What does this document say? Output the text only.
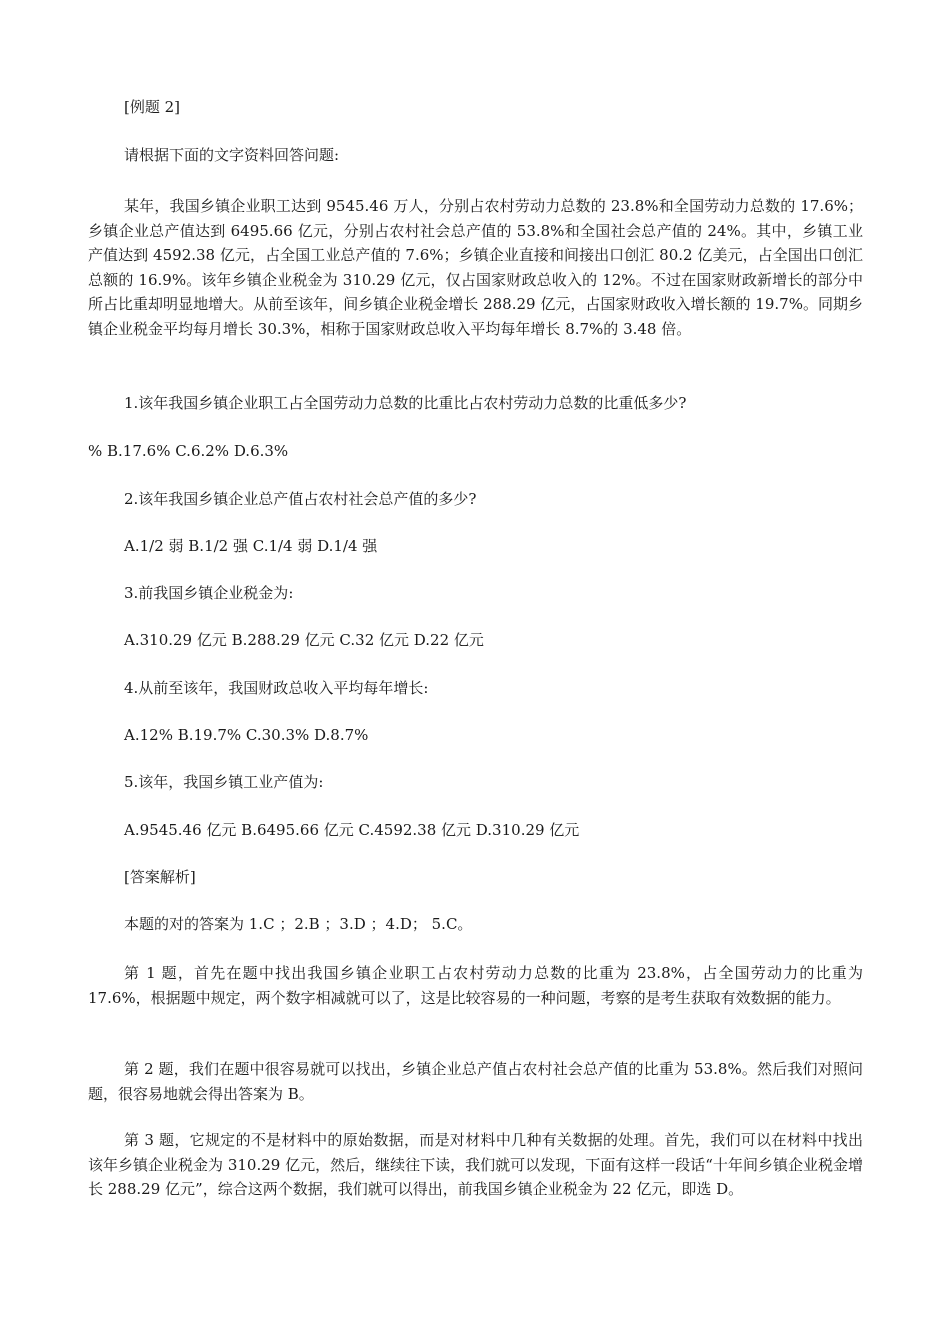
[例题 2]
请根据下面的文字资料回答问题:
某年，我国乡镇企业职工达到 9545.46 万人，分别占农村劳动力总数的 23.8%和全国劳动力总数的 17.6%；乡镇企业总产值达到 6495.66 亿元，分别占农村社会总产值的 53.8%和全国社会总产值的 24%。其中，乡镇工业产值达到 4592.38 亿元，占全国工业总产值的 7.6%；乡镇企业直接和间接出口创汇 80.2 亿美元，占全国出口创汇总额的 16.9%。该年乡镇企业税金为 310.29 亿元，仅占国家财政总收入的 12%。不过在国家财政新增长的部分中所占比重却明显地增大。从前至该年，间乡镇企业税金增长 288.29 亿元，占国家财政收入增长额的 19.7%。同期乡镇企业税金平均每月增长 30.3%，相称于国家财政总收入平均每年增长 8.7%的 3.48 倍。
1.该年我国乡镇企业职工占全国劳动力总数的比重比占农村劳动力总数的比重低多少?
% B.17.6% C.6.2% D.6.3%
2.该年我国乡镇企业总产值占农村社会总产值的多少?
A.1/2 弱 B.1/2 强 C.1/4 弱 D.1/4 强
3.前我国乡镇企业税金为:
A.310.29 亿元 B.288.29 亿元 C.32 亿元 D.22 亿元
4.从前至该年，我国财政总收入平均每年增长:
A.12% B.19.7% C.30.3% D.8.7%
5.该年，我国乡镇工业产值为:
A.9545.46 亿元 B.6495.66 亿元 C.4592.38 亿元 D.310.29 亿元
[答案解析]
本题的对的答案为 1.C ；2.B ；3.D ；4.D； 5.C。
第 1 题，首先在题中找出我国乡镇企业职工占农村劳动力总数的比重为 23.8%，占全国劳动力的比重为 17.6%，根据题中规定，两个数字相减就可以了，这是比较容易的一种问题，考察的是考生获取有效数据的能力。
第 2 题，我们在题中很容易就可以找出，乡镇企业总产值占农村社会总产值的比重为 53.8%。然后我们对照问题，很容易地就会得出答案为 B。
第 3 题，它规定的不是材料中的原始数据，而是对材料中几种有关数据的处理。首先，我们可以在材料中找出该年乡镇企业税金为 310.29 亿元，然后，继续往下读，我们就可以发现，下面有这样一段话“十年间乡镇企业税金增长 288.29 亿元”，综合这两个数据，我们就可以得出，前我国乡镇企业税金为 22 亿元，即选 D。
